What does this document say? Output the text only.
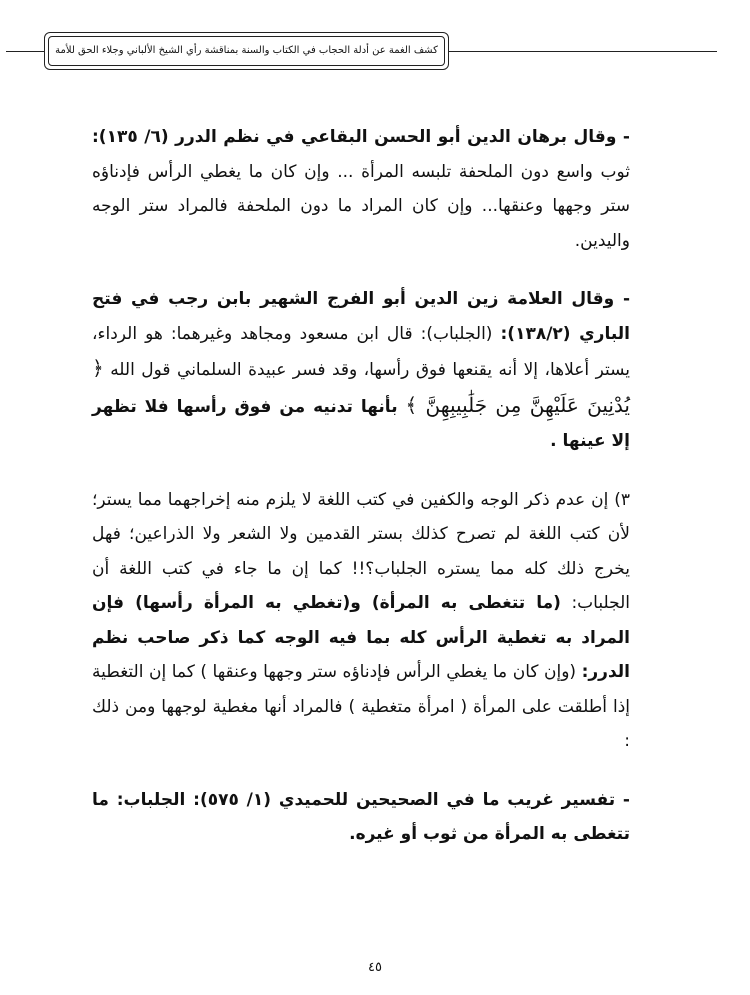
كشف الغمة عن أدلة الحجاب في الكتاب والسنة بمناقشة رأي الشيخ الألباني وجلاء الحق للأمة

- وقال برهان الدين أبو الحسن البقاعي في نظم الدرر (٦/ ١٣٥): ثوب واسع دون الملحفة تلبسه المرأة ... وإن كان ما يغطي الرأس فإدناؤه ستر وجهها وعنقها... وإن كان المراد ما دون الملحفة فالمراد ستر الوجه واليدين.

- وقال العلامة زين الدين أبو الفرج الشهير بابن رجب في فتح الباري (١٣٨/٢): (الجلباب): قال ابن مسعود ومجاهد وغيرهما: هو الرداء، يستر أعلاها، إلا أنه يقنعها فوق رأسها، وقد فسر عبيدة السلماني قول الله ﴿ يُدْنِينَ عَلَيْهِنَّ مِن جَلَٰبِيبِهِنَّ ﴾ بأنها تدنيه من فوق رأسها فلا تظهر إلا عينها .

٣) إن عدم ذكر الوجه والكفين في كتب اللغة لا يلزم منه إخراجهما مما يستر؛ لأن كتب اللغة لم تصرح كذلك بستر القدمين ولا الشعر ولا الذراعين؛ فهل يخرج ذلك كله مما يستره الجلباب؟!! كما إن ما جاء في كتب اللغة أن الجلباب: (ما تتغطى به المرأة) و(تغطي به المرأة رأسها) فإن المراد به تغطية الرأس كله بما فيه الوجه كما ذكر صاحب نظم الدرر: (وإن كان ما يغطي الرأس فإدناؤه ستر وجهها وعنقها ) كما إن التغطية إذا أطلقت على المرأة ( امرأة متغطية ) فالمراد أنها مغطية لوجهها ومن ذلك :

- تفسير غريب ما في الصحيحين للحميدي (١/ ٥٧٥): الجلباب: ما تتغطى به المرأة من ثوب أو غيره.

٤٥
